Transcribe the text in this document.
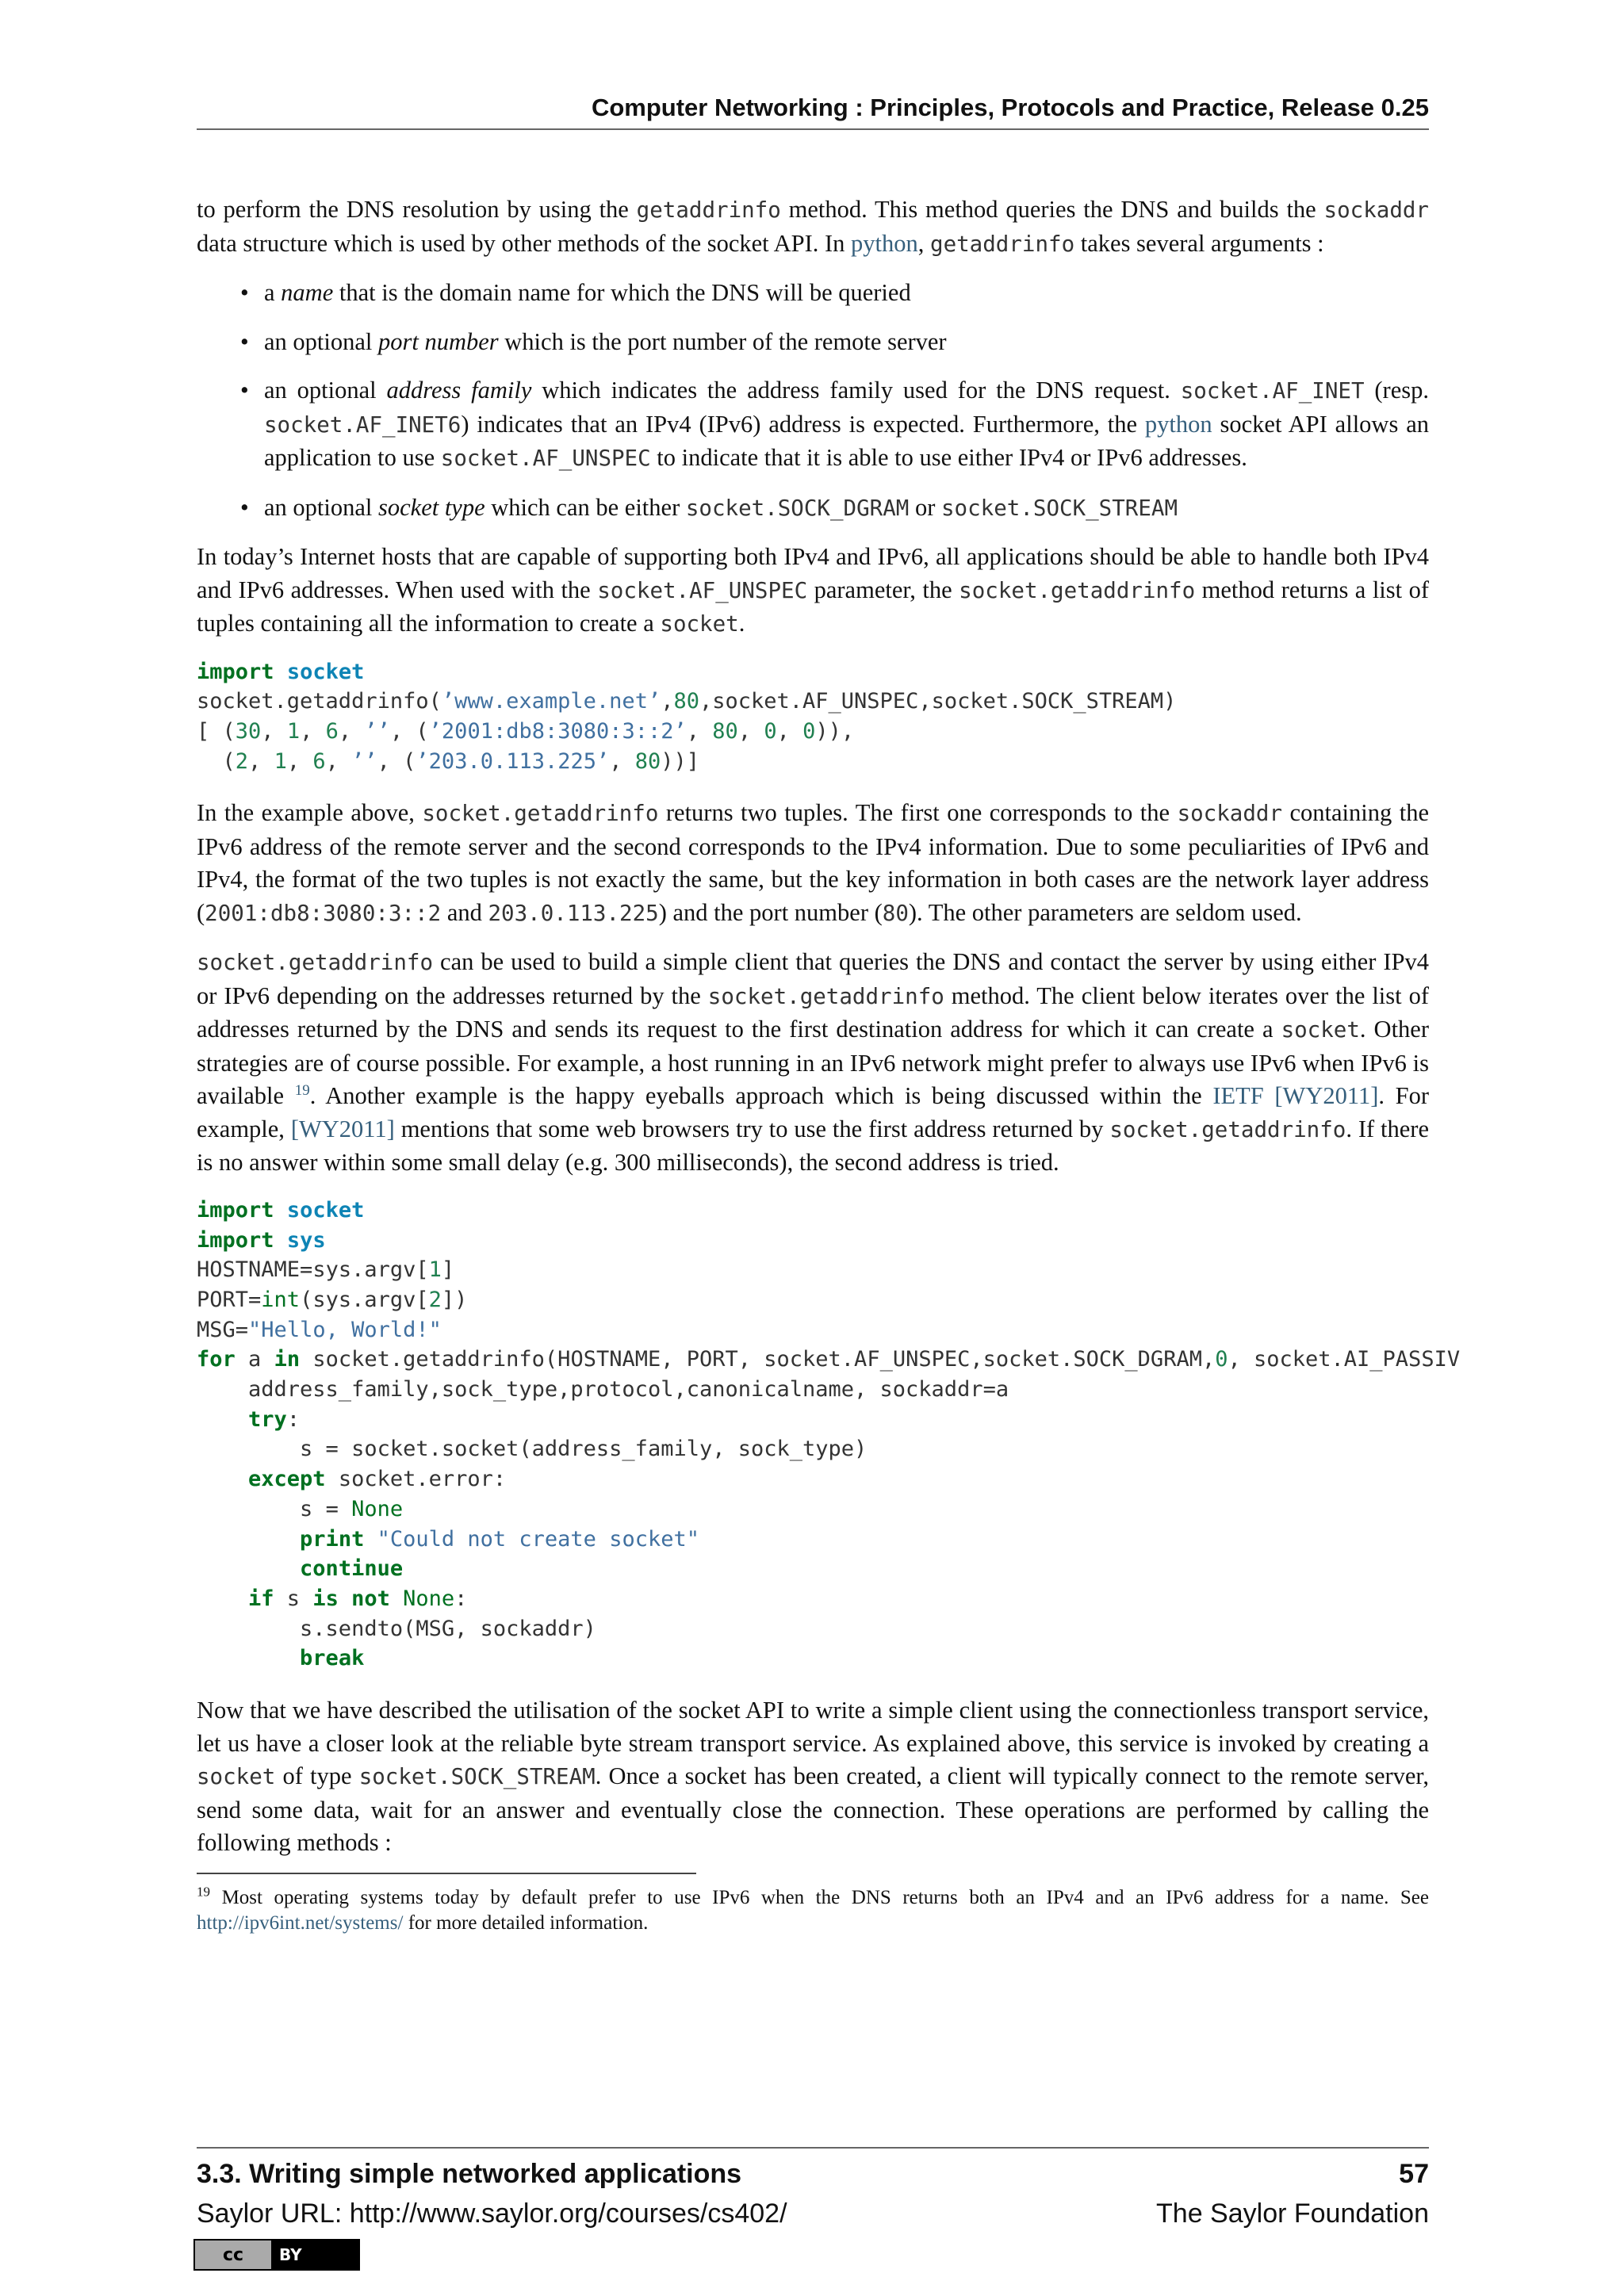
Computer Networking : Principles, Protocols and Practice, Release 0.25

to perform the DNS resolution by using the getaddrinfo method. This method queries the DNS and builds the sockaddr data structure which is used by other methods of the socket API. In python, getaddrinfo takes several arguments :

• a name that is the domain name for which the DNS will be queried
• an optional port number which is the port number of the remote server
• an optional address family which indicates the address family used for the DNS request. socket.AF_INET (resp. socket.AF_INET6) indicates that an IPv4 (IPv6) address is expected. Furthermore, the python socket API allows an application to use socket.AF_UNSPEC to indicate that it is able to use either IPv4 or IPv6 addresses.
• an optional socket type which can be either socket.SOCK_DGRAM or socket.SOCK_STREAM

In today’s Internet hosts that are capable of supporting both IPv4 and IPv6, all applications should be able to handle both IPv4 and IPv6 addresses. When used with the socket.AF_UNSPEC parameter, the socket.getaddrinfo method returns a list of tuples containing all the information to create a socket.

import socket
socket.getaddrinfo(’www.example.net’,80,socket.AF_UNSPEC,socket.SOCK_STREAM)
[ (30, 1, 6, ’’, (’2001:db8:3080:3::2’, 80, 0, 0)),
(2, 1, 6, ’’, (’203.0.113.225’, 80))]

In the example above, socket.getaddrinfo returns two tuples. The first one corresponds to the sockaddr containing the IPv6 address of the remote server and the second corresponds to the IPv4 information. Due to some peculiarities of IPv6 and IPv4, the format of the two tuples is not exactly the same, but the key information in both cases are the network layer address (2001:db8:3080:3::2 and 203.0.113.225) and the port number (80). The other parameters are seldom used.

socket.getaddrinfo can be used to build a simple client that queries the DNS and contact the server by using either IPv4 or IPv6 depending on the addresses returned by the socket.getaddrinfo method. The client below iterates over the list of addresses returned by the DNS and sends its request to the first destination address for which it can create a socket. Other strategies are of course possible. For example, a host running in an IPv6 network might prefer to always use IPv6 when IPv6 is available $^{19}$. Another example is the happy eyeballs approach which is being discussed within the IETF [WY2011]. For example, [WY2011] mentions that some web browsers try to use the first address returned by socket.getaddrinfo. If there is no answer within some small delay (e.g. 300 milliseconds), the second address is tried.

import socket
import sys
HOSTNAME=sys.argv[1]
PORT=int(sys.argv[2])
MSG="Hello, World!"
for a in socket.getaddrinfo(HOSTNAME, PORT, socket.AF_UNSPEC,socket.SOCK_DGRAM,0, socket.AI_PASSIV
address_family,sock_type,protocol,canonicalname, sockaddr=a
try:
s = socket.socket(address_family, sock_type)
except socket.error:
s = None
print "Could not create socket"
continue
if s is not None:
s.sendto(MSG, sockaddr)
break

Now that we have described the utilisation of the socket API to write a simple client using the connectionless transport service, let us have a closer look at the reliable byte stream transport service. As explained above, this service is invoked by creating a socket of type socket.SOCK_STREAM. Once a socket has been created, a client will typically connect to the remote server, send some data, wait for an answer and eventually close the connection. These operations are performed by calling the following methods :

$^{19}$ Most operating systems today by default prefer to use IPv6 when the DNS returns both an IPv4 and an IPv6 address for a name. See http://ipv6int.net/systems/ for more detailed information.

3.3. Writing simple networked applications	57
Saylor URL: http://www.saylor.org/courses/cs402/	The Saylor Foundation
cc	BY
